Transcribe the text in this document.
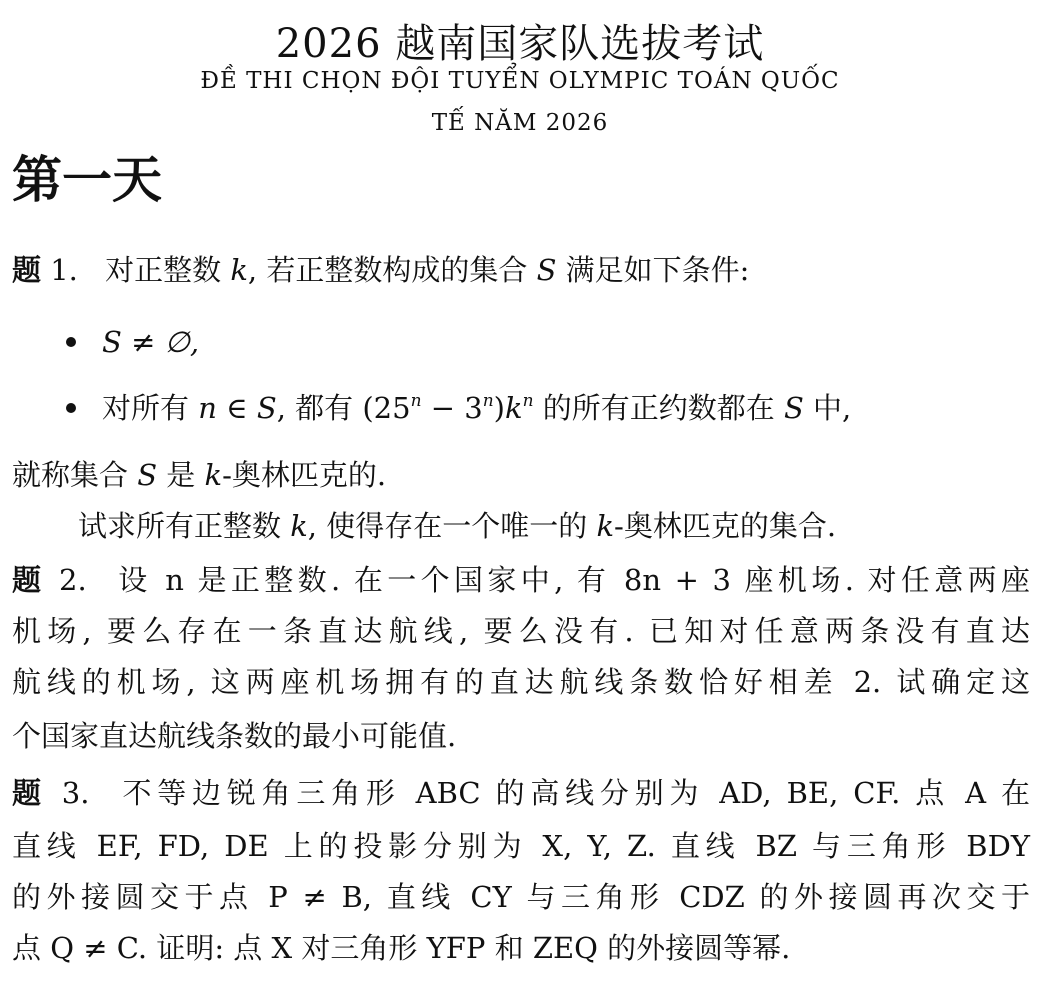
2026 越南国家队选拔考试
ĐỀ THI CHỌN ĐỘI TUYỂN OLYMPIC TOÁN QUỐC
TẾ NĂM 2026
第一天
题 1. 对正整数 k, 若正整数构成的集合 S 满足如下条件:
S ≠ ∅,
对所有 n ∈ S, 都有 $(25^n - 3^n)k^n$ 的所有正约数都在 S 中,
就称集合 S 是 k-奥林匹克的.
试求所有正整数 k, 使得存在一个唯一的 k-奥林匹克的集合.
题 2. 设 n 是正整数. 在一个国家中, 有 8n + 3 座机场. 对任意两座
机场, 要么存在一条直达航线, 要么没有. 已知对任意两条没有直达
航线的机场, 这两座机场拥有的直达航线条数恰好相差 2. 试确定这
个国家直达航线条数的最小可能值.
题 3. 不等边锐角三角形 ABC 的高线分别为 AD, BE, CF. 点 A 在
直线 EF, FD, DE 上的投影分别为 X, Y, Z. 直线 BZ 与三角形 BDY
的外接圆交于点 P ≠ B, 直线 CY 与三角形 CDZ 的外接圆再次交于
点 Q ≠ C. 证明: 点 X 对三角形 YFP 和 ZEQ 的外接圆等幂.
